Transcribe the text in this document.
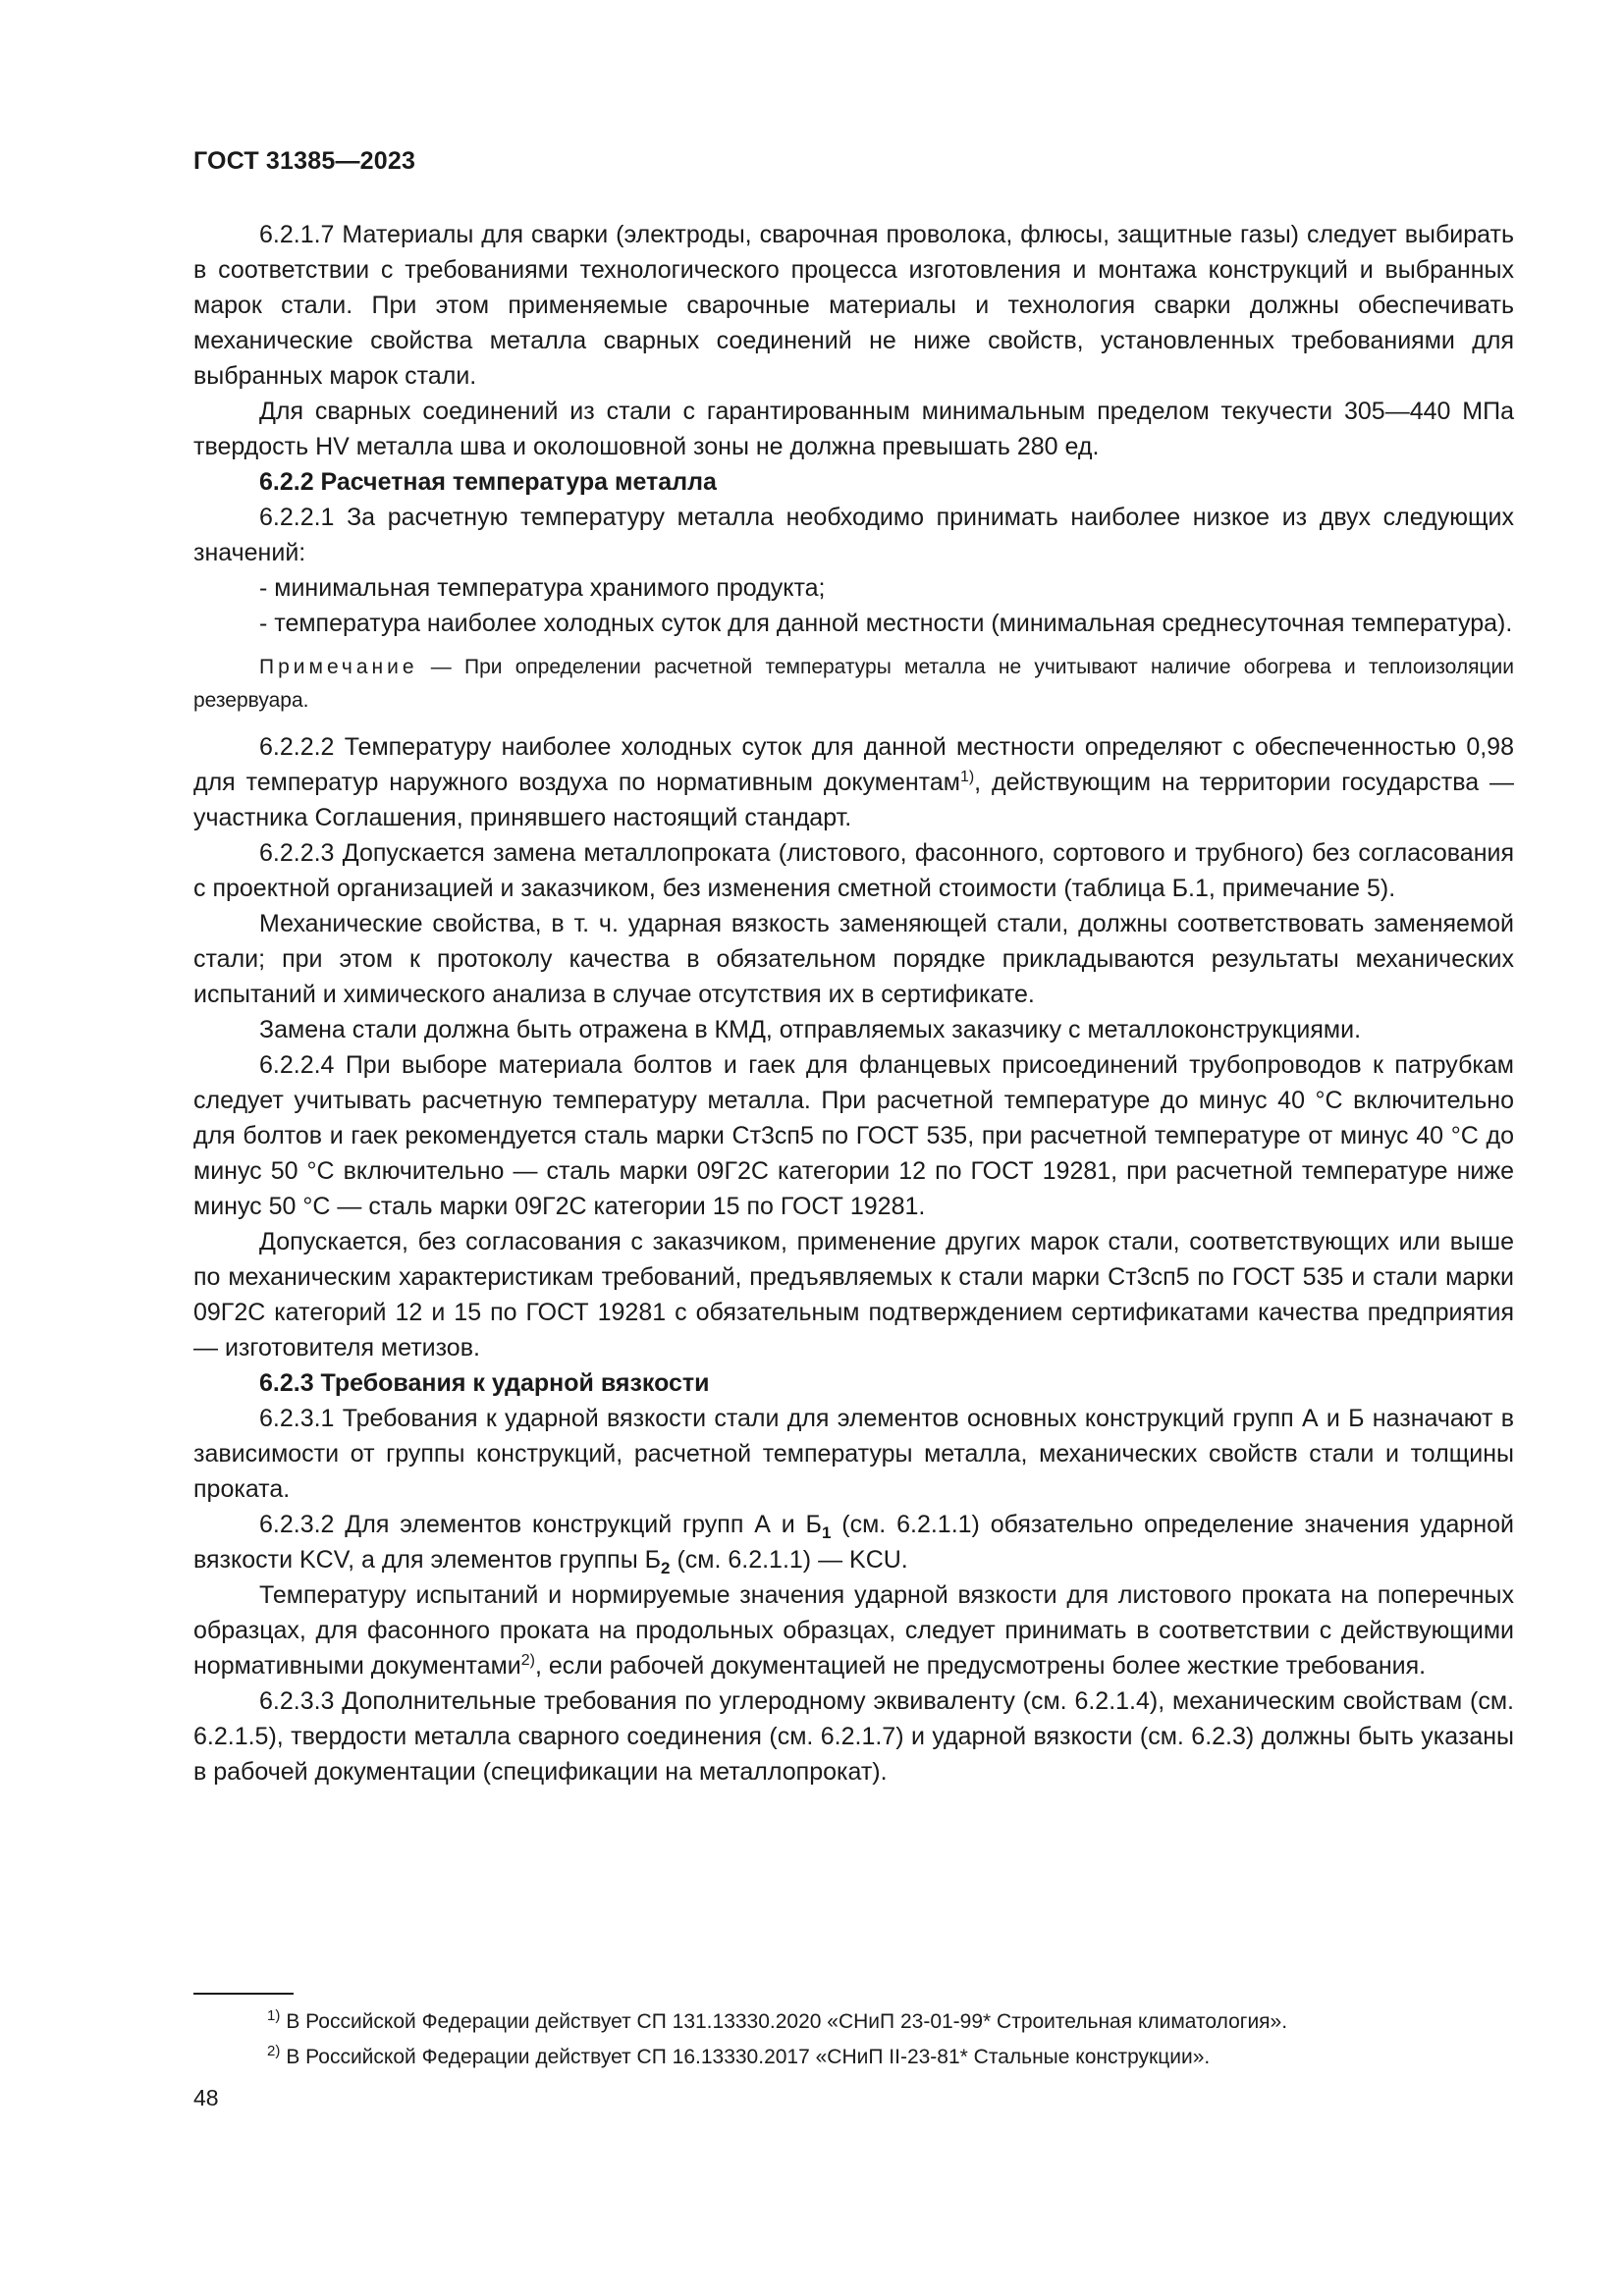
ГОСТ 31385—2023

6.2.1.7 Материалы для сварки (электроды, сварочная проволока, флюсы, защитные газы) следует выбирать в соответствии с требованиями технологического процесса изготовления и монтажа конструкций и выбранных марок стали. При этом применяемые сварочные материалы и технология сварки должны обеспечивать механические свойства металла сварных соединений не ниже свойств, установленных требованиями для выбранных марок стали.

Для сварных соединений из стали с гарантированным минимальным пределом текучести 305—440 МПа твердость HV металла шва и околошовной зоны не должна превышать 280 ед.

6.2.2 Расчетная температура металла

6.2.2.1 За расчетную температуру металла необходимо принимать наиболее низкое из двух следующих значений:

- минимальная температура хранимого продукта;

- температура наиболее холодных суток для данной местности (минимальная среднесуточная температура).

Примечание — При определении расчетной температуры металла не учитывают наличие обогрева и теплоизоляции резервуара.

6.2.2.2 Температуру наиболее холодных суток для данной местности определяют с обеспеченностью 0,98 для температур наружного воздуха по нормативным документам$^{1)}$, действующим на территории государства — участника Соглашения, принявшего настоящий стандарт.

6.2.2.3 Допускается замена металлопроката (листового, фасонного, сортового и трубного) без согласования с проектной организацией и заказчиком, без изменения сметной стоимости (таблица Б.1, примечание 5).

Механические свойства, в т. ч. ударная вязкость заменяющей стали, должны соответствовать заменяемой стали; при этом к протоколу качества в обязательном порядке прикладываются результаты механических испытаний и химического анализа в случае отсутствия их в сертификате.

Замена стали должна быть отражена в КМД, отправляемых заказчику с металлоконструкциями.

6.2.2.4 При выборе материала болтов и гаек для фланцевых присоединений трубопроводов к патрубкам следует учитывать расчетную температуру металла. При расчетной температуре до минус 40 °С включительно для болтов и гаек рекомендуется сталь марки Ст3сп5 по ГОСТ 535, при расчетной температуре от минус 40 °С до минус 50 °С включительно — сталь марки 09Г2С категории 12 по ГОСТ 19281, при расчетной температуре ниже минус 50 °С — сталь марки 09Г2С категории 15 по ГОСТ 19281.

Допускается, без согласования с заказчиком, применение других марок стали, соответствующих или выше по механическим характеристикам требований, предъявляемых к стали марки Ст3сп5 по ГОСТ 535 и стали марки 09Г2С категорий 12 и 15 по ГОСТ 19281 с обязательным подтверждением сертификатами качества предприятия — изготовителя метизов.

6.2.3 Требования к ударной вязкости

6.2.3.1 Требования к ударной вязкости стали для элементов основных конструкций групп А и Б назначают в зависимости от группы конструкций, расчетной температуры металла, механических свойств стали и толщины проката.

6.2.3.2 Для элементов конструкций групп А и $Б_1$ (см. 6.2.1.1) обязательно определение значения ударной вязкости KCV, а для элементов группы $Б_2$ (см. 6.2.1.1) — KCU.

Температуру испытаний и нормируемые значения ударной вязкости для листового проката на поперечных образцах, для фасонного проката на продольных образцах, следует принимать в соответствии с действующими нормативными документами$^{2)}$, если рабочей документацией не предусмотрены более жесткие требования.

6.2.3.3 Дополнительные требования по углеродному эквиваленту (см. 6.2.1.4), механическим свойствам (см. 6.2.1.5), твердости металла сварного соединения (см. 6.2.1.7) и ударной вязкости (см. 6.2.3) должны быть указаны в рабочей документации (спецификации на металлопрокат).

$^{1)}$ В Российской Федерации действует СП 131.13330.2020 «СНиП 23-01-99* Строительная климатология».

$^{2)}$ В Российской Федерации действует СП 16.13330.2017 «СНиП II-23-81* Стальные конструкции».

48
